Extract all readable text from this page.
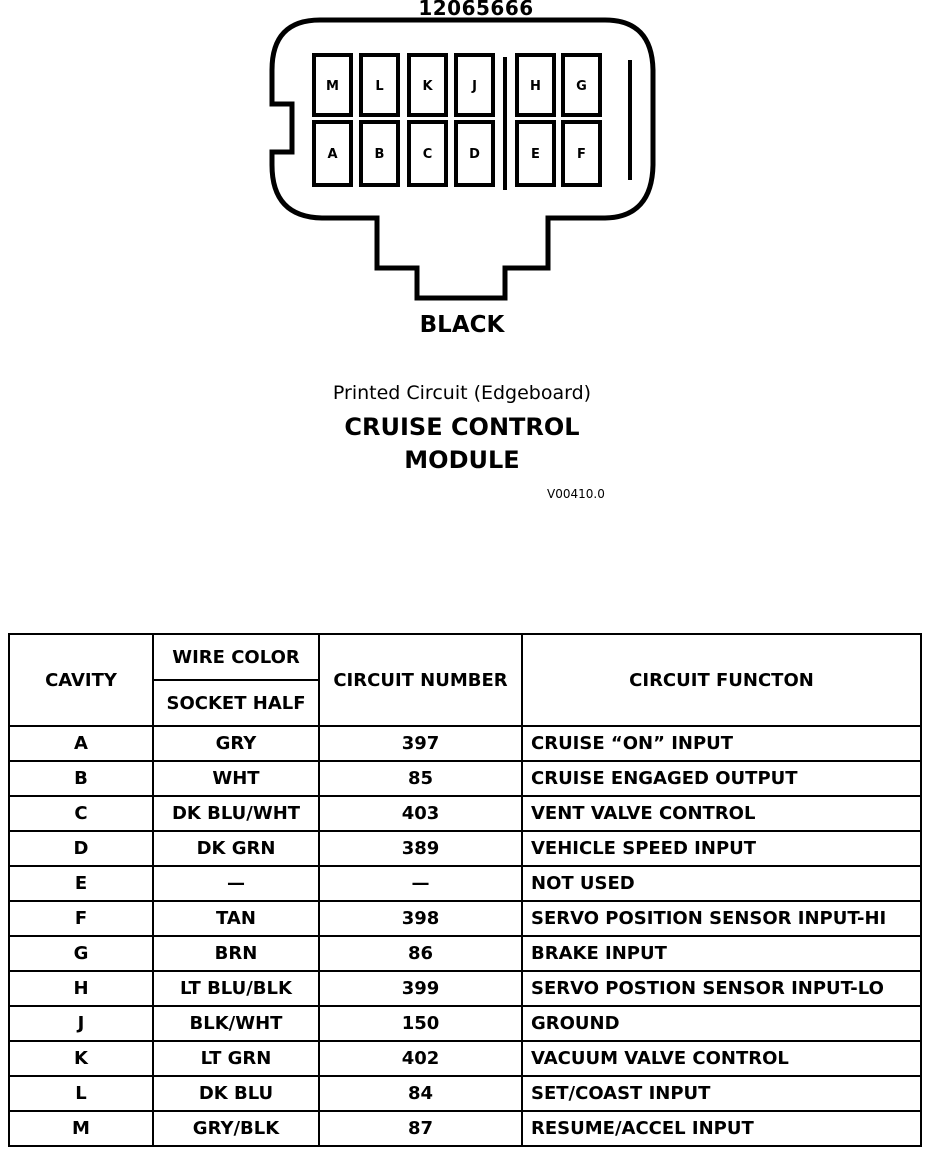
12065666
M	L	K	J	H	G
A	B	C	D	E	F
BLACK
Printed Circuit (Edgeboard)
CRUISE CONTROL
MODULE
V00410.0
CAVITY	WIRE COLOR	CIRCUIT NUMBER	CIRCUIT FUNCTON
	SOCKET HALF		
A	GRY	397	CRUISE “ON” INPUT
B	WHT	85	CRUISE ENGAGED OUTPUT
C	DK BLU/WHT	403	VENT VALVE CONTROL
D	DK GRN	389	VEHICLE SPEED INPUT
E	—	—	NOT USED
F	TAN	398	SERVO POSITION SENSOR INPUT-HI
G	BRN	86	BRAKE INPUT
H	LT BLU/BLK	399	SERVO POSTION SENSOR INPUT-LO
J	BLK/WHT	150	GROUND
K	LT GRN	402	VACUUM VALVE CONTROL
L	DK BLU	84	SET/COAST INPUT
M	GRY/BLK	87	RESUME/ACCEL INPUT
